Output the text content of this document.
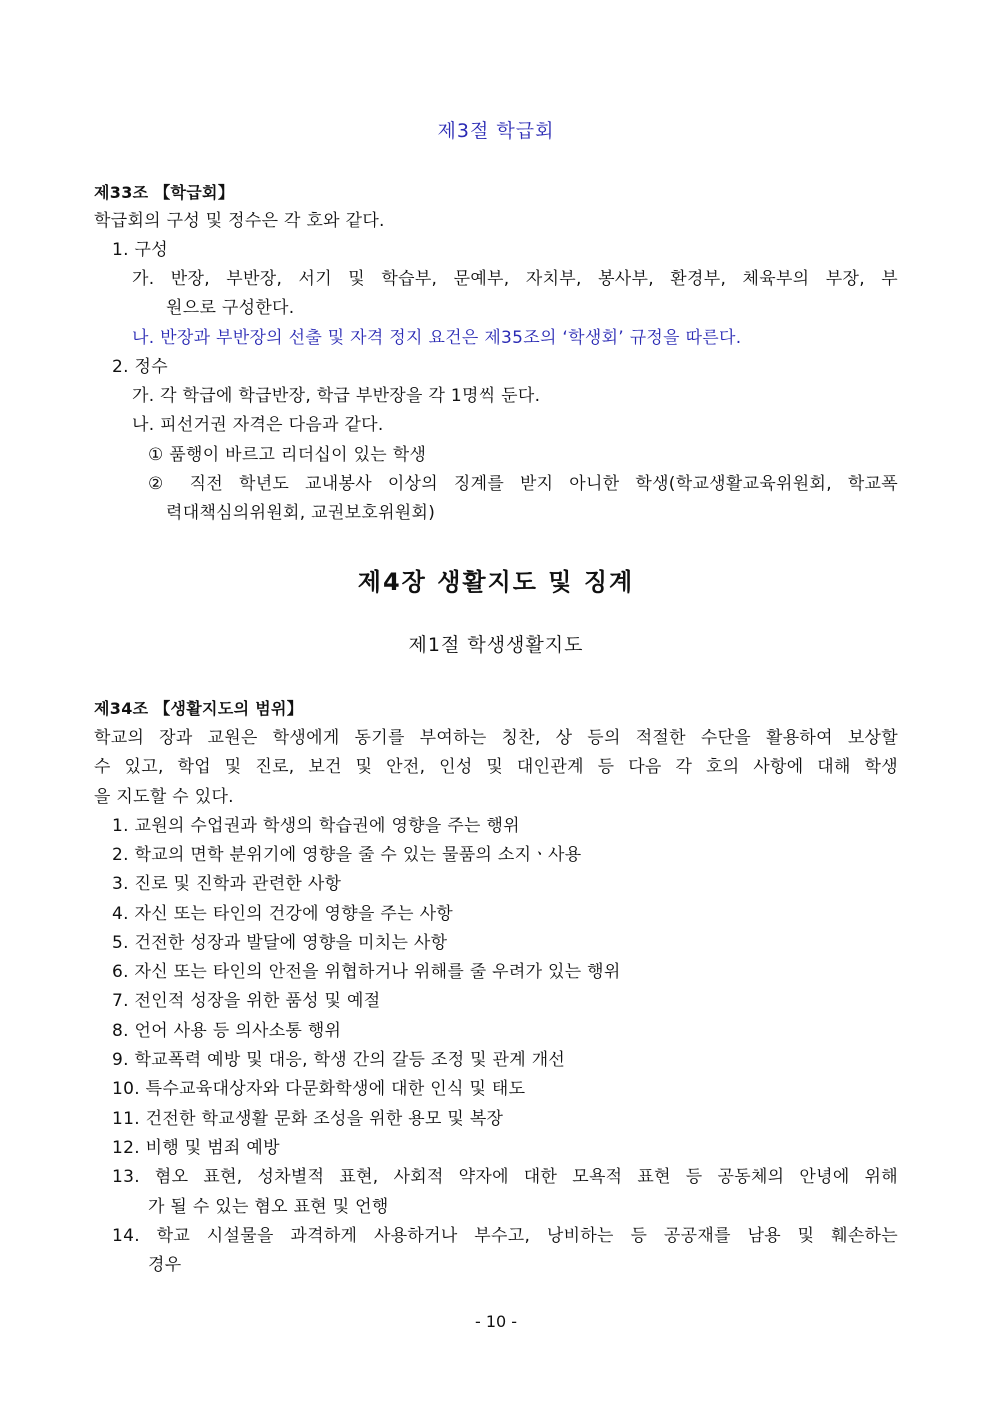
제3절 학급회
제33조 【학급회】
학급회의 구성 및 정수은 각 호와 같다.
1. 구성
가. 반장, 부반장, 서기 및 학습부, 문예부, 자치부, 봉사부, 환경부, 체육부의 부장, 부
원으로 구성한다.
나. 반장과 부반장의 선출 및 자격 정지 요건은 제35조의 ‘학생회’ 규정을 따른다.
2. 정수
가. 각 학급에 학급반장, 학급 부반장을 각 1명씩 둔다.
나. 피선거권 자격은 다음과 같다.
① 품행이 바르고 리더십이 있는 학생
② 직전 학년도 교내봉사 이상의 징계를 받지 아니한 학생(학교생활교육위원회, 학교폭
력대책심의위원회, 교권보호위원회)
제4장 생활지도 및 징계
제1절 학생생활지도
제34조 【생활지도의 범위】
학교의 장과 교원은 학생에게 동기를 부여하는 칭찬, 상 등의 적절한 수단을 활용하여 보상할
수 있고, 학업 및 진로, 보건 및 안전, 인성 및 대인관계 등 다음 각 호의 사항에 대해 학생
을 지도할 수 있다.
1. 교원의 수업권과 학생의 학습권에 영향을 주는 행위
2. 학교의 면학 분위기에 영향을 줄 수 있는 물품의 소지ㆍ사용
3. 진로 및 진학과 관련한 사항
4. 자신 또는 타인의 건강에 영향을 주는 사항
5. 건전한 성장과 발달에 영향을 미치는 사항
6. 자신 또는 타인의 안전을 위협하거나 위해를 줄 우려가 있는 행위
7. 전인적 성장을 위한 품성 및 예절
8. 언어 사용 등 의사소통 행위
9. 학교폭력 예방 및 대응, 학생 간의 갈등 조정 및 관계 개선
10. 특수교육대상자와 다문화학생에 대한 인식 및 태도
11. 건전한 학교생활 문화 조성을 위한 용모 및 복장
12. 비행 및 범죄 예방
13. 혐오 표현, 성차별적 표현, 사회적 약자에 대한 모욕적 표현 등 공동체의 안녕에 위해
가 될 수 있는 혐오 표현 및 언행
14. 학교 시설물을 과격하게 사용하거나 부수고, 낭비하는 등 공공재를 남용 및 훼손하는
경우
- 10 -
